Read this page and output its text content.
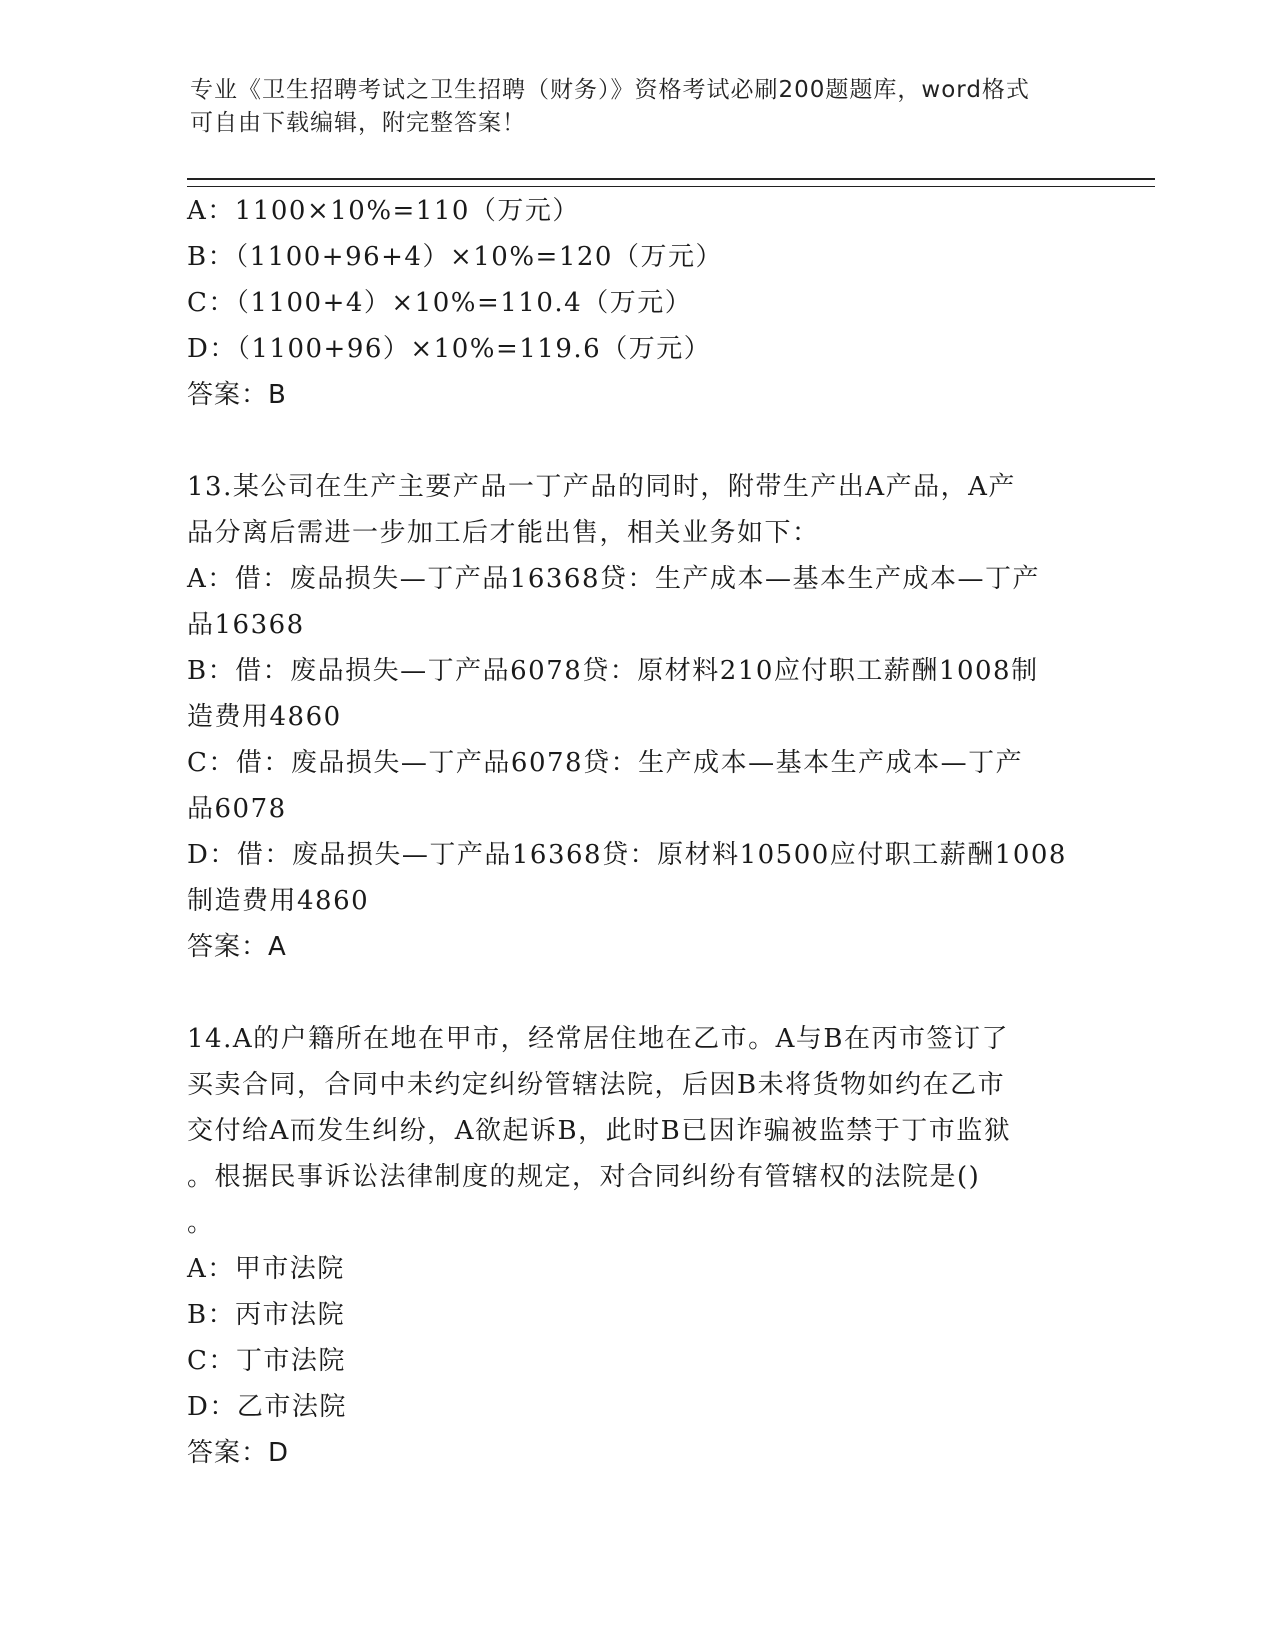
专业《卫生招聘考试之卫生招聘（财务）》资格考试必刷200题题库，word格式
可自由下载编辑，附完整答案！

A：1100×10%=110（万元）

B：（1100+96+4）×10%=120（万元）

C：（1100+4）×10%=110.4（万元）

D：（1100+96）×10%=119.6（万元）

答案：B

13.某公司在生产主要产品一丁产品的同时，附带生产出A产品，A产

品分离后需进一步加工后才能出售，相关业务如下：

A：借：废品损失—丁产品16368贷：生产成本—基本生产成本—丁产

品16368

B：借：废品损失—丁产品6078贷：原材料210应付职工薪酬1008制

造费用4860

C：借：废品损失—丁产品6078贷：生产成本—基本生产成本—丁产

品6078

D：借：废品损失—丁产品16368贷：原材料10500应付职工薪酬1008

制造费用4860

答案：A

14.A的户籍所在地在甲市，经常居住地在乙市。A与B在丙市签订了

买卖合同，合同中未约定纠纷管辖法院，后因B未将货物如约在乙市

交付给A而发生纠纷，A欲起诉B，此时B已因诈骗被监禁于丁市监狱

。根据民事诉讼法律制度的规定，对合同纠纷有管辖权的法院是()

。

A：甲市法院

B：丙市法院

C：丁市法院

D：乙市法院

答案：D
